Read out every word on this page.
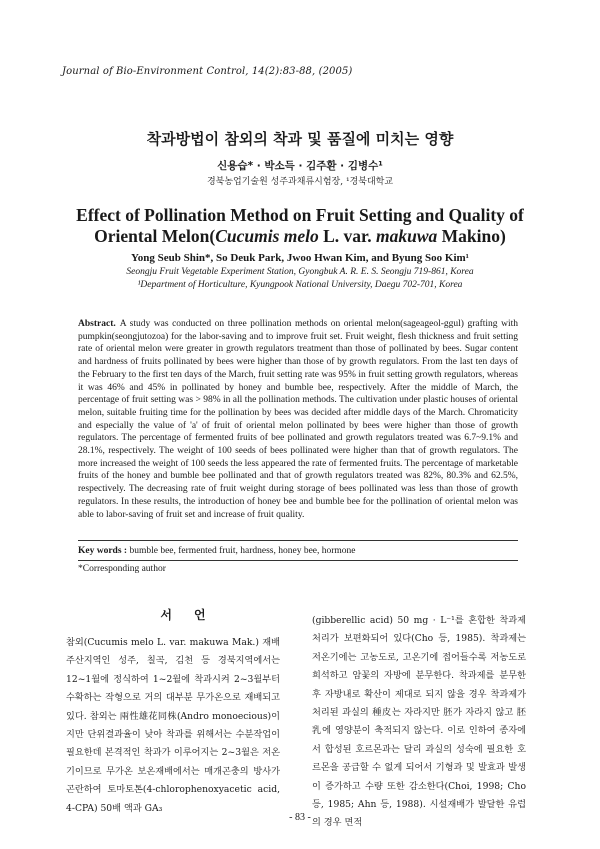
Journal of Bio-Environment Control, 14(2):83-88, (2005)
착과방법이 참외의 착과 및 품질에 미치는 영향
신용습* · 박소득 · 김주환 · 김병수¹
경북농업기술원 성주과채류시험장, ¹경북대학교
Effect of Pollination Method on Fruit Setting and Quality of
Oriental Melon(Cucumis melo L. var. makuwa Makino)
Yong Seub Shin*, So Deuk Park, Jwoo Hwan Kim, and Byung Soo Kim¹
Seongju Fruit Vegetable Experiment Station, Gyongbuk A. R. E. S. Seongju 719-861, Korea
¹Department of Horticulture, Kyungpook National University, Daegu 702-701, Korea
Abstract. A study was conducted on three pollination methods on oriental melon(sageageol-ggul) grafting with pumpkin(seongjutozoa) for the labor-saving and to improve fruit set. Fruit weight, flesh thickness and fruit setting rate of oriental melon were greater in growth regulators treatment than those of pollinated by bees. Sugar content and hardness of fruits pollinated by bees were higher than those of by growth regulators. From the last ten days of the February to the first ten days of the March, fruit setting rate was 95% in fruit setting growth regulators, whereas it was 46% and 45% in pollinated by honey and bumble bee, respectively. After the middle of March, the percentage of fruit setting was > 98% in all the pollination methods. The cultivation under plastic houses of oriental melon, suitable fruiting time for the pollination by bees was decided after middle days of the March. Chromaticity and especially the value of 'a' of fruit of oriental melon pollinated by bees were higher than those of growth regulators. The percentage of fermented fruits of bee pollinated and growth regulators treated was 6.7~9.1% and 28.1%, respectively. The weight of 100 seeds of bees pollinated were higher than that of growth regulators. The more increased the weight of 100 seeds the less appeared the rate of fermented fruits. The percentage of marketable fruits of the honey and bumble bee pollinated and that of growth regulators treated was 82%, 80.3% and 62.5%, respectively. The decreasing rate of fruit weight during storage of bees pollinated was less than those of growth regulators. In these results, the introduction of honey bee and bumble bee for the pollination of oriental melon was able to labor-saving of fruit set and increase of fruit quality.
Key words : bumble bee, fermented fruit, hardness, honey bee, hormone
*Corresponding author
서언
참외(Cucumis melo L. var. makuwa Mak.) 재배 주산지역인 성주, 칠곡, 김천 등 경북지역에서는 12~1월에 정식하여 1~2월에 착과시켜 2~3월부터 수확하는 작형으로 거의 대부분 무가온으로 재배되고 있다. 참외는 兩性雄花同株(Andro monoecious)이지만 단위결과율이 낮아 착과를 위해서는 수분작업이 필요한데 본격적인 착과가 이루어지는 2~3월은 저온기이므로 무가온 보온재배에서는 매개곤충의 방사가 곤란하여 토마토톤(4-chlorophenoxyacetic acid, 4-CPA) 50배 액과 GA₃
(gibberellic acid) 50 mg · L⁻¹를 혼합한 착과제 처리가 보편화되어 있다(Cho 등, 1985). 착과제는 저온기에는 고농도로, 고온기에 접어들수록 저농도로 희석하고 암꽃의 자방에 분무한다. 착과제를 분무한 후 자방내로 확산이 제대로 되지 않을 경우 착과제가 처리된 과실의 種皮는 자라지만 胚가 자라지 않고 胚乳에 영양분이 축적되지 않는다. 이로 인하여 종자에서 합성된 호르몬과는 달리 과실의 성숙에 필요한 호르몬을 공급할 수 없게 되어서 기형과 및 발효과 발생이 증가하고 수량 또한 감소한다(Choi, 1998; Cho 등, 1985; Ahn 등, 1988). 시설재배가 발달한 유럽의 경우 면적
- 83 -
